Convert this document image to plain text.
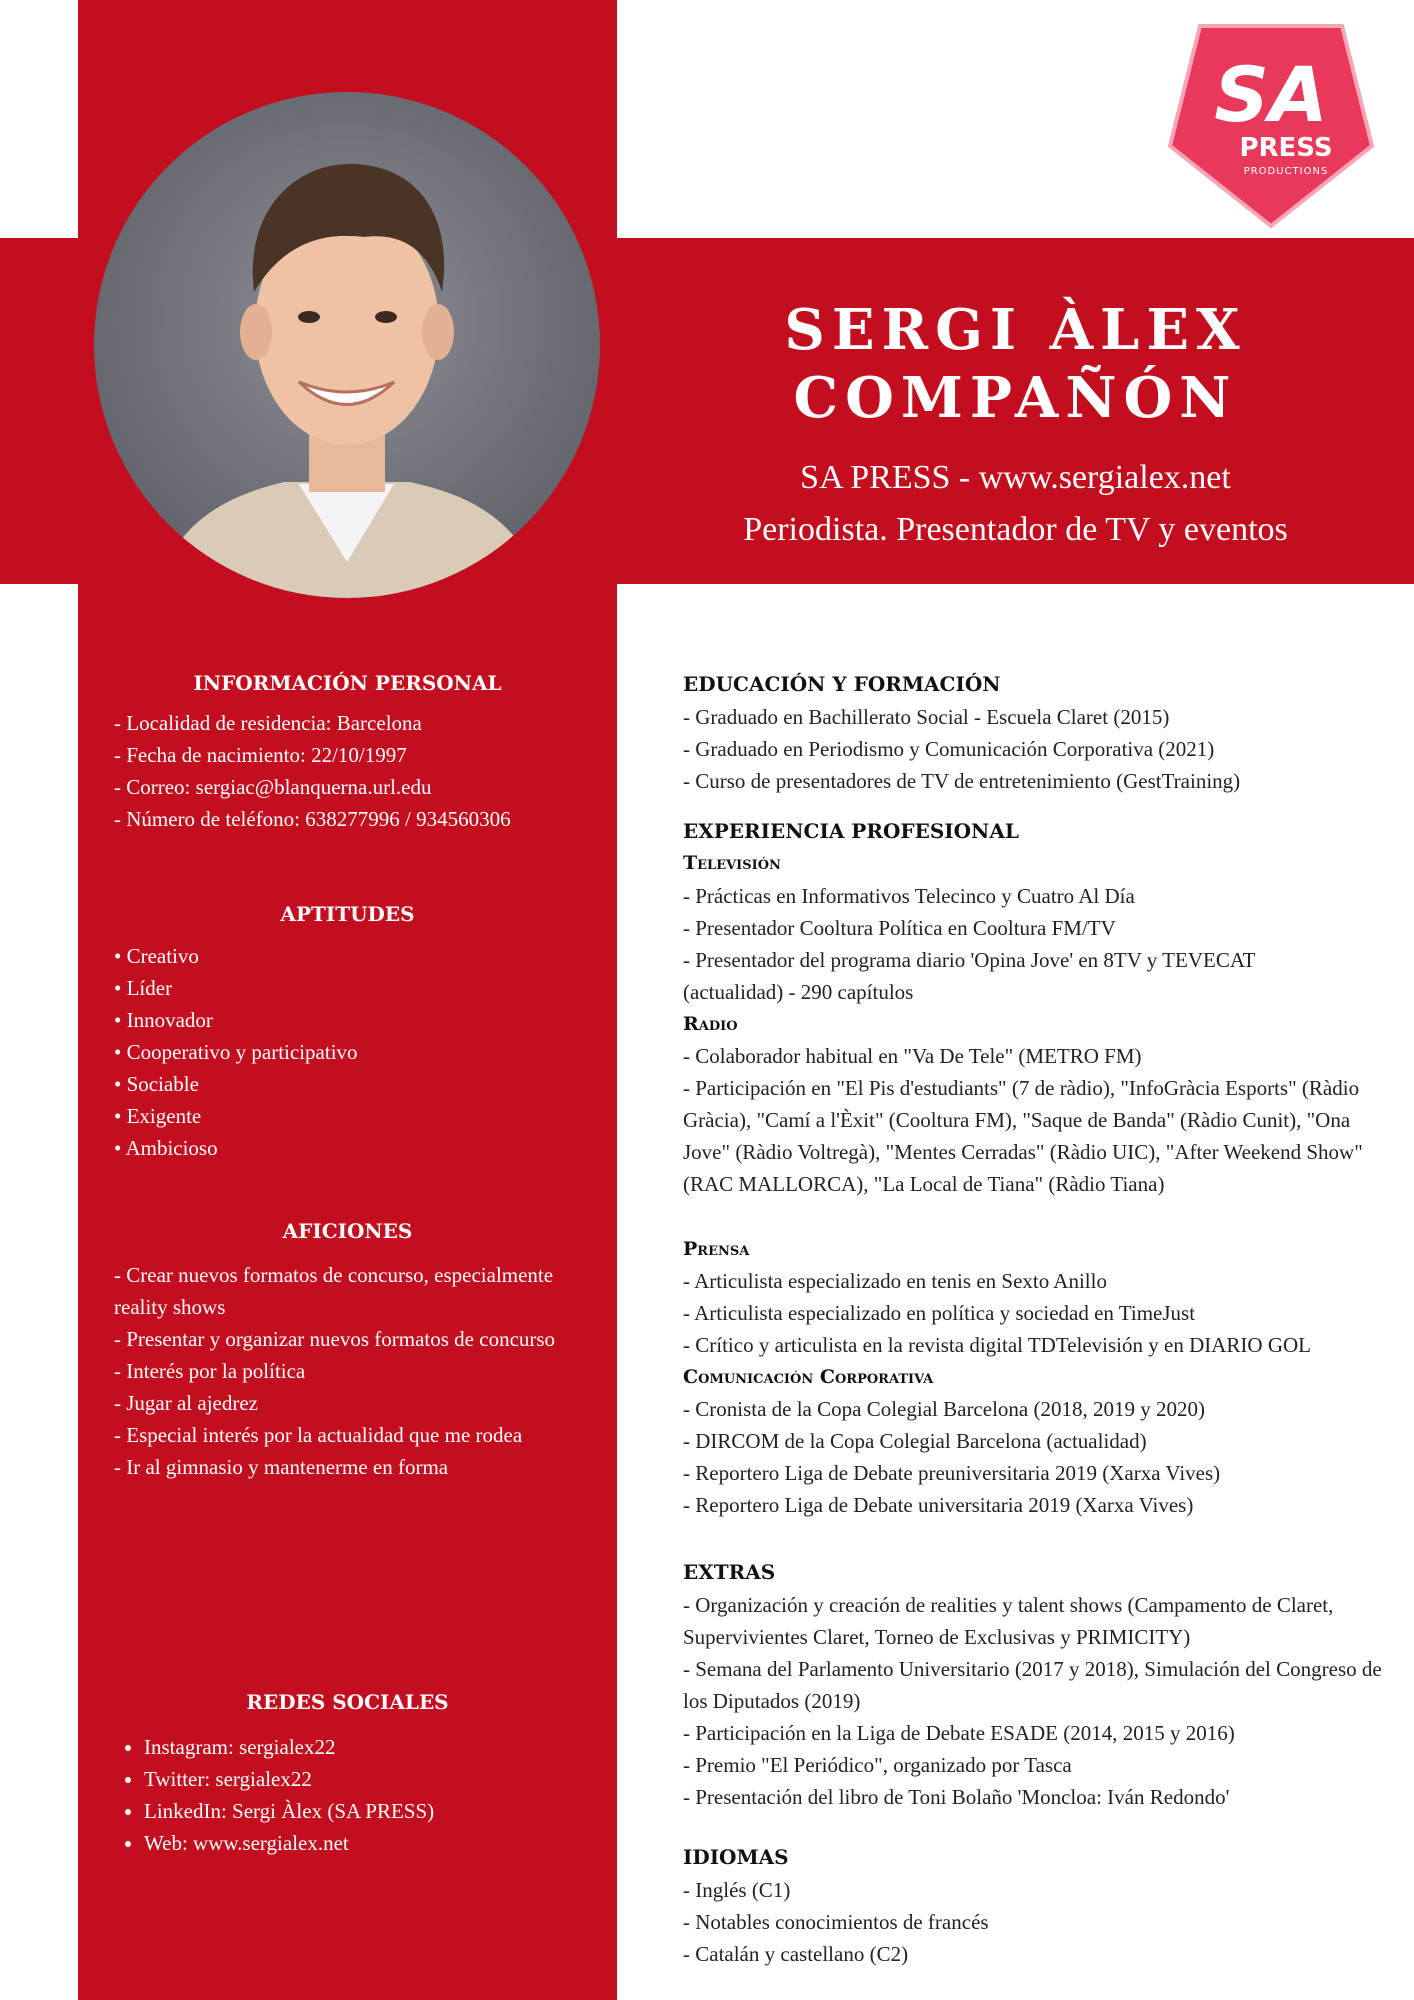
SA
PRESS
PRODUCTIONS
SERGI ÀLEX
COMPAÑÓN
SA PRESS - www.sergialex.net
Periodista. Presentador de TV y eventos
INFORMACIÓN PERSONAL
- Localidad de residencia: Barcelona
- Fecha de nacimiento: 22/10/1997
- Correo: sergiac@blanquerna.url.edu
- Número de teléfono: 638277996 / 934560306
APTITUDES
• Creativo
• Líder
• Innovador
• Cooperativo y participativo
• Sociable
• Exigente
• Ambicioso
AFICIONES
- Crear nuevos formatos de concurso, especialmente reality shows
- Presentar y organizar nuevos formatos de concurso
- Interés por la política
- Jugar al ajedrez
- Especial interés por la actualidad que me rodea
- Ir al gimnasio y mantenerme en forma
REDES SOCIALES
• Instagram: sergialex22
• Twitter: sergialex22
• LinkedIn: Sergi Àlex (SA PRESS)
• Web: www.sergialex.net
EDUCACIÓN Y FORMACIÓN
- Graduado en Bachillerato Social - Escuela Claret (2015)
- Graduado en Periodismo y Comunicación Corporativa (2021)
- Curso de presentadores de TV de entretenimiento (GestTraining)
EXPERIENCIA PROFESIONAL
Televisión
- Prácticas en Informativos Telecinco y Cuatro Al Día
- Presentador Cooltura Política en Cooltura FM/TV
- Presentador del programa diario 'Opina Jove' en 8TV y TEVECAT (actualidad) - 290 capítulos
Radio
- Colaborador habitual en "Va De Tele" (METRO FM)
- Participación en "El Pis d'estudiants" (7 de ràdio), "InfoGràcia Esports" (Ràdio Gràcia), "Camí a l'Èxit" (Cooltura FM), "Saque de Banda" (Ràdio Cunit), "Ona Jove" (Ràdio Voltregà), "Mentes Cerradas" (Ràdio UIC), "After Weekend Show" (RAC MALLORCA), "La Local de Tiana" (Ràdio Tiana)
Prensa
- Articulista especializado en tenis en Sexto Anillo
- Articulista especializado en política y sociedad en TimeJust
- Crítico y articulista en la revista digital TDTelevisión y en DIARIO GOL
Comunicación Corporativa
- Cronista de la Copa Colegial Barcelona (2018, 2019 y 2020)
- DIRCOM de la Copa Colegial Barcelona (actualidad)
- Reportero Liga de Debate preuniversitaria 2019 (Xarxa Vives)
- Reportero Liga de Debate universitaria 2019 (Xarxa Vives)
EXTRAS
- Organización y creación de realities y talent shows (Campamento de Claret, Supervivientes Claret, Torneo de Exclusivas y PRIMICITY)
- Semana del Parlamento Universitario (2017 y 2018), Simulación del Congreso de los Diputados (2019)
- Participación en la Liga de Debate ESADE (2014, 2015 y 2016)
- Premio "El Periódico", organizado por Tasca
- Presentación del libro de Toni Bolaño 'Moncloa: Iván Redondo'
IDIOMAS
- Inglés (C1)
- Notables conocimientos de francés
- Catalán y castellano (C2)
